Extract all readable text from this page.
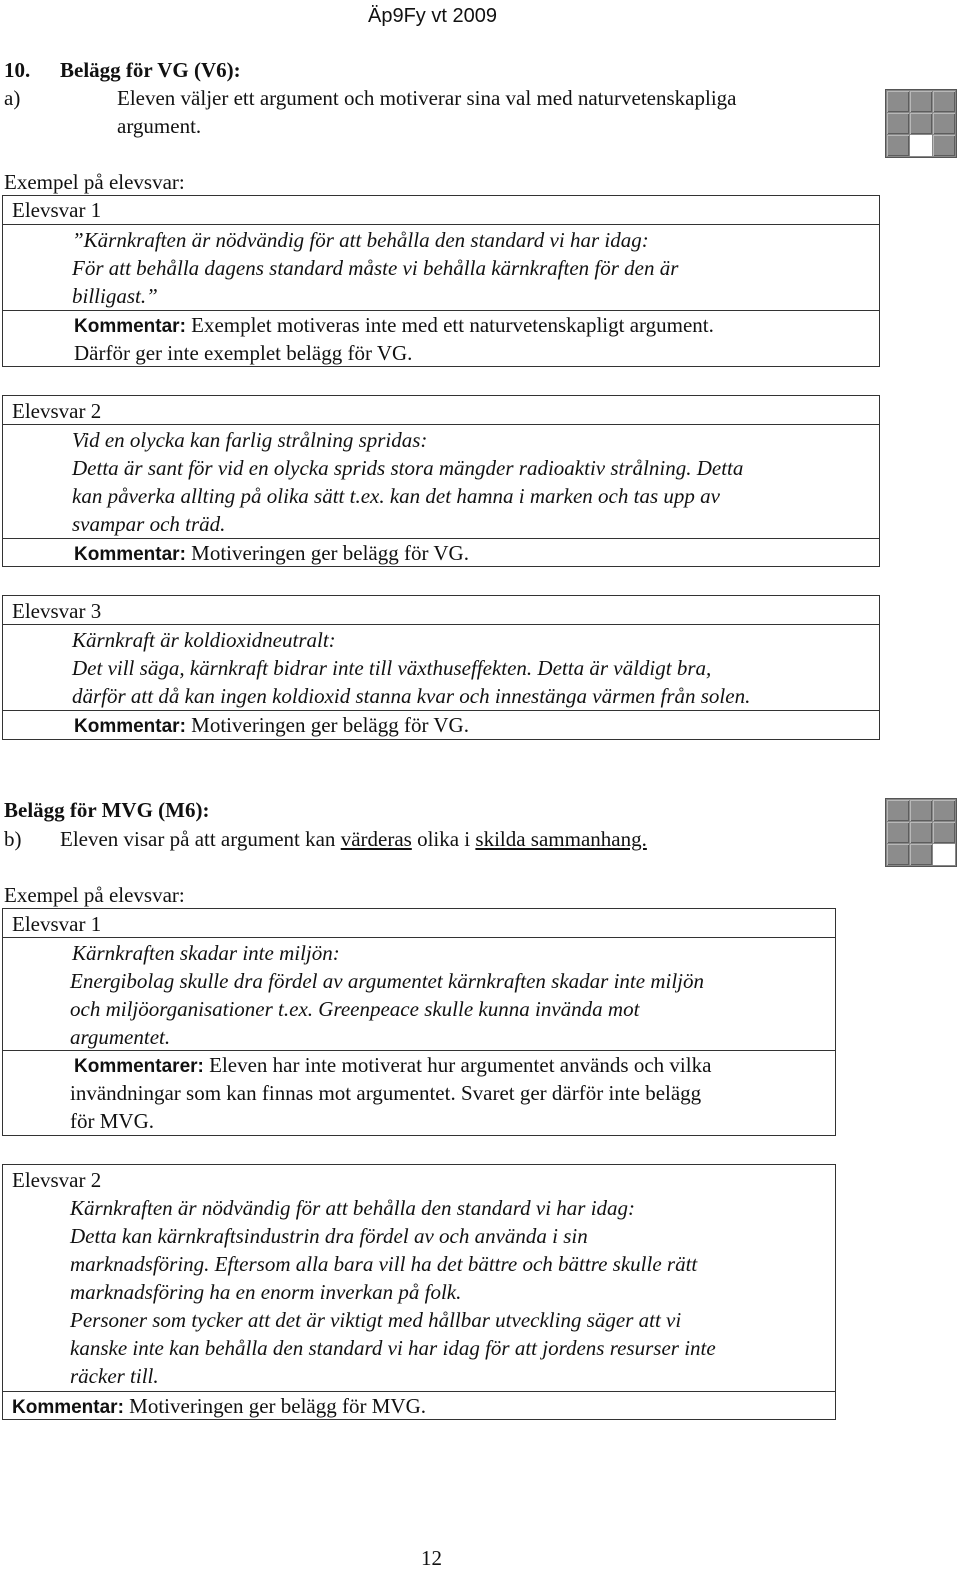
Äp9Fy vt 2009
10. Belägg för VG (V6):
a)	Eleven väljer ett argument och motiverar sina val med naturvetenskapliga
argument.
Exempel på elevsvar:
Elevsvar 1
”Kärnkraften är nödvändig för att behålla den standard vi har idag:
För att behålla dagens standard måste vi behålla kärnkraften för den är
billigast.”
Kommentar: Exemplet motiveras inte med ett naturvetenskapligt argument.
Därför ger inte exemplet belägg för VG.
Elevsvar 2
Vid en olycka kan farlig strålning spridas:
Detta är sant för vid en olycka sprids stora mängder radioaktiv strålning. Detta
kan påverka allting på olika sätt t.ex. kan det hamna i marken och tas upp av
svampar och träd.
Kommentar: Motiveringen ger belägg för VG.
Elevsvar 3
Kärnkraft är koldioxidneutralt:
Det vill säga, kärnkraft bidrar inte till växthuseffekten. Detta är väldigt bra,
därför att då kan ingen koldioxid stanna kvar och innestänga värmen från solen.
Kommentar: Motiveringen ger belägg för VG.
Belägg för MVG (M6):
b) Eleven visar på att argument kan värderas olika i skilda sammanhang.
Exempel på elevsvar:
Elevsvar 1
Kärnkraften skadar inte miljön:
Energibolag skulle dra fördel av argumentet kärnkraften skadar inte miljön
och miljöorganisationer t.ex. Greenpeace skulle kunna invända mot
argumentet.
Kommentarer: Eleven har inte motiverat hur argumentet används och vilka
invändningar som kan finnas mot argumentet. Svaret ger därför inte belägg
för MVG.
Elevsvar 2
Kärnkraften är nödvändig för att behålla den standard vi har idag:
Detta kan kärnkraftsindustrin dra fördel av och använda i sin
marknadsföring. Eftersom alla bara vill ha det bättre och bättre skulle rätt
marknadsföring ha en enorm inverkan på folk.
Personer som tycker att det är viktigt med hållbar utveckling säger att vi
kanske inte kan behålla den standard vi har idag för att jordens resurser inte
räcker till.
Kommentar: Motiveringen ger belägg för MVG.
12
